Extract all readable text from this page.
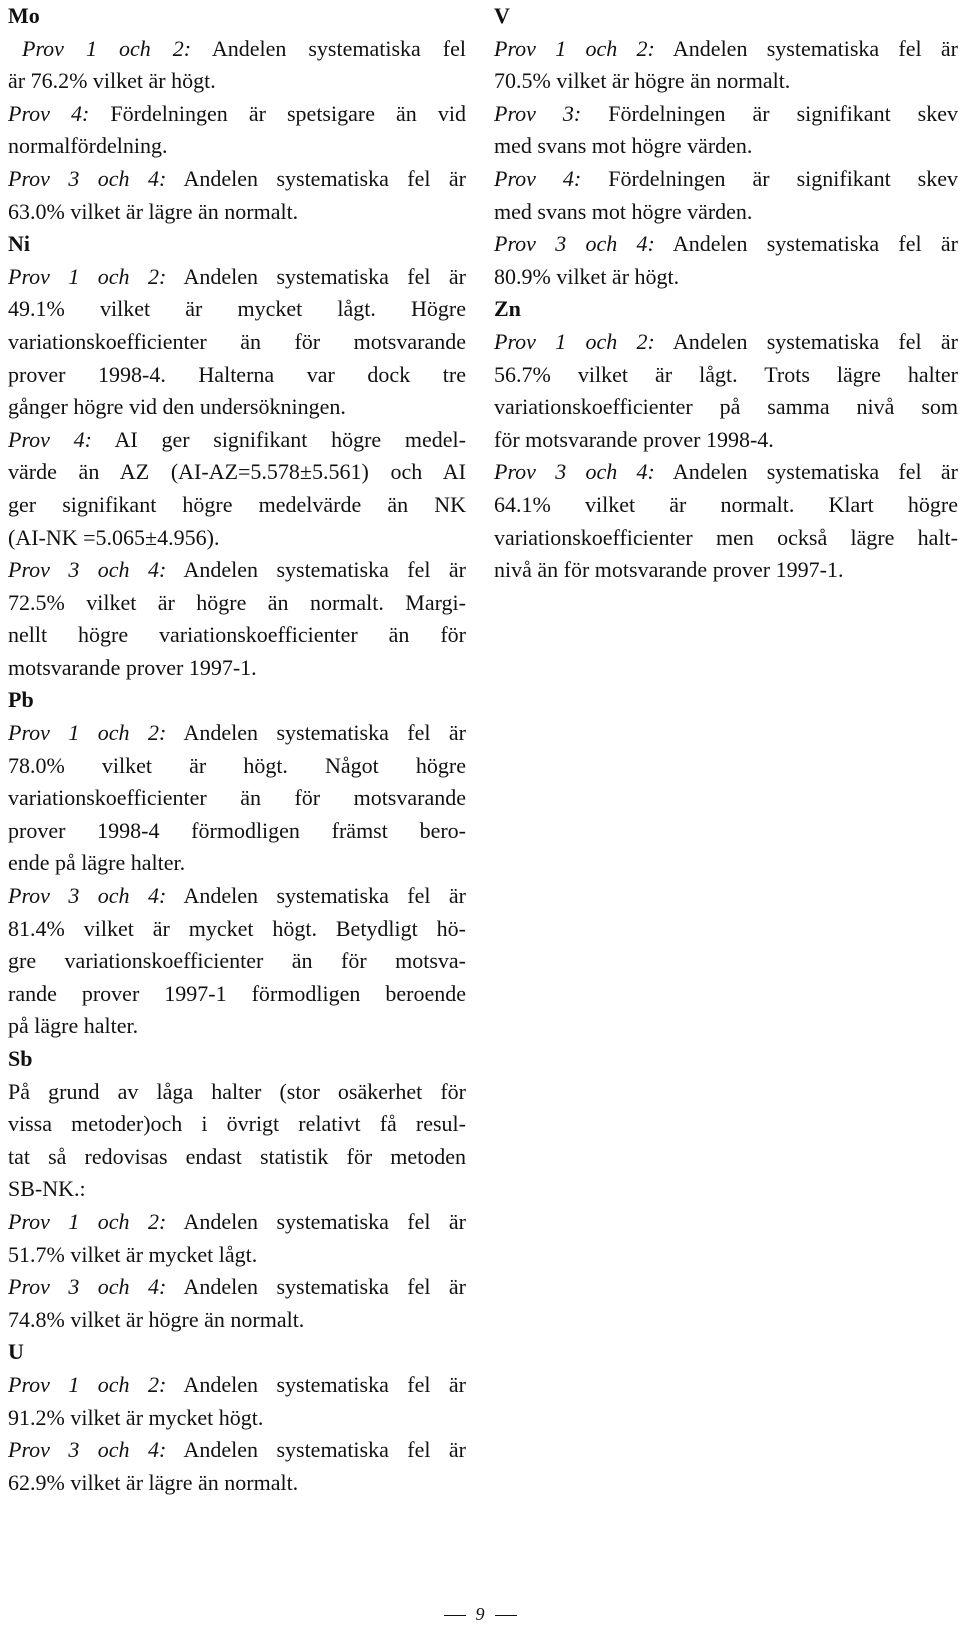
Mo
Prov 1 och 2: Andelen systematiska fel
är 76.2% vilket är högt.
Prov 4: Fördelningen är spetsigare än vid
normalfördelning.
Prov 3 och 4: Andelen systematiska fel är
63.0% vilket är lägre än normalt.
Ni
Prov 1 och 2: Andelen systematiska fel är
49.1% vilket är mycket lågt. Högre
variationskoefficienter än för motsvarande
prover 1998-4. Halterna var dock tre
gånger högre vid den undersökningen.
Prov 4: AI ger signifikant högre medel-
värde än AZ (AI-AZ=5.578±5.561) och AI
ger signifikant högre medelvärde än NK
(AI-NK =5.065±4.956).
Prov 3 och 4: Andelen systematiska fel är
72.5% vilket är högre än normalt. Margi-
nellt högre variationskoefficienter än för
motsvarande prover 1997-1.
Pb
Prov 1 och 2: Andelen systematiska fel är
78.0% vilket är högt. Något högre
variationskoefficienter än för motsvarande
prover 1998-4 förmodligen främst bero-
ende på lägre halter.
Prov 3 och 4: Andelen systematiska fel är
81.4% vilket är mycket högt. Betydligt hö-
gre variationskoefficienter än för motsva-
rande prover 1997-1 förmodligen beroende
på lägre halter.
Sb
På grund av låga halter (stor osäkerhet för
vissa metoder)och i övrigt relativt få resul-
tat så redovisas endast statistik för metoden
SB-NK.:
Prov 1 och 2: Andelen systematiska fel är
51.7% vilket är mycket lågt.
Prov 3 och 4: Andelen systematiska fel är
74.8% vilket är högre än normalt.
U
Prov 1 och 2: Andelen systematiska fel är
91.2% vilket är mycket högt.
Prov 3 och 4: Andelen systematiska fel är
62.9% vilket är lägre än normalt.
V
Prov 1 och 2: Andelen systematiska fel är
70.5% vilket är högre än normalt.
Prov 3: Fördelningen är signifikant skev
med svans mot högre värden.
Prov 4: Fördelningen är signifikant skev
med svans mot högre värden.
Prov 3 och 4: Andelen systematiska fel är
80.9% vilket är högt.
Zn
Prov 1 och 2: Andelen systematiska fel är
56.7% vilket är lågt. Trots lägre halter
variationskoefficienter på samma nivå som
för motsvarande prover 1998-4.
Prov 3 och 4: Andelen systematiska fel är
64.1% vilket är normalt. Klart högre
variationskoefficienter men också lägre halt-
nivå än för motsvarande prover 1997-1.
9
